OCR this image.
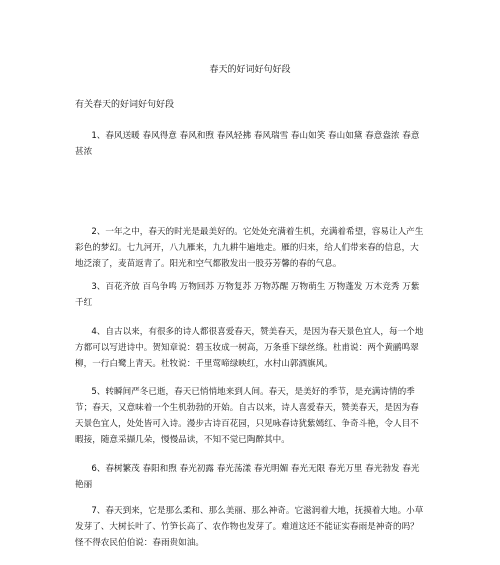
春天的好词好句好段
有关春天的好词好句好段

1、春风送暖 春风得意 春风和煦 春风轻拂 春风瑞雪 春山如笑 春山如黛 春意盎浓 春意甚浓

2、一年之中，春天的时光是最美好的。它处处充满着生机，充满着希望，容易让人产生彩色的梦幻。七九河开，八九雁来，九九耕牛遍地走。雁的归来，给人们带来春的信息，大地泛滚了，麦苗返青了。阳光和空气都散发出一股芬芳馨的春的气息。

3、百花齐放 百鸟争鸣 万物回苏 万物复苏 万物苏醒 万物萌生 万物蓬发 万木竞秀 万紫千红

4、自古以来，有很多的诗人都很喜爱春天，赞美春天，是因为春天景色宜人，每一个地方都可以写进诗中。贺知章说：碧玉妆成一树高，万条垂下绿丝绦。杜甫说：两个黄鹂鸣翠柳，一行白鹭上青天。杜牧说：千里莺啼绿映红，水村山郭酒旗风。

5、转瞬间严冬已逝，春天已悄悄地来到人间。春天，是美好的季节，是充满诗情的季节；春天，又意味着一个生机勃勃的开始。自古以来，诗人喜爱春天，赞美春天，是因为春天景色宜人，处处皆可入诗。漫步古诗百花园，只见咏春诗犹紫嫣红、争奇斗艳，令人目不暇接，随意采撷几朵，慢慢品读，不知不觉已陶醉其中。

6、春树繁茂 春阳和煦 春光初露 春光荡漾 春光明媚 春光无限 春光万里 春光勃发 春光艳丽

7、春天到来，它是那么柔和、那么美丽、那么神奇。它滋润着大地，抚摸着大地。小草发芽了、大树长叶了、竹笋长高了、农作物也发芽了。难道这还不能证实春雨是神奇的吗？怪不得农民伯伯说：春雨贵如油。
